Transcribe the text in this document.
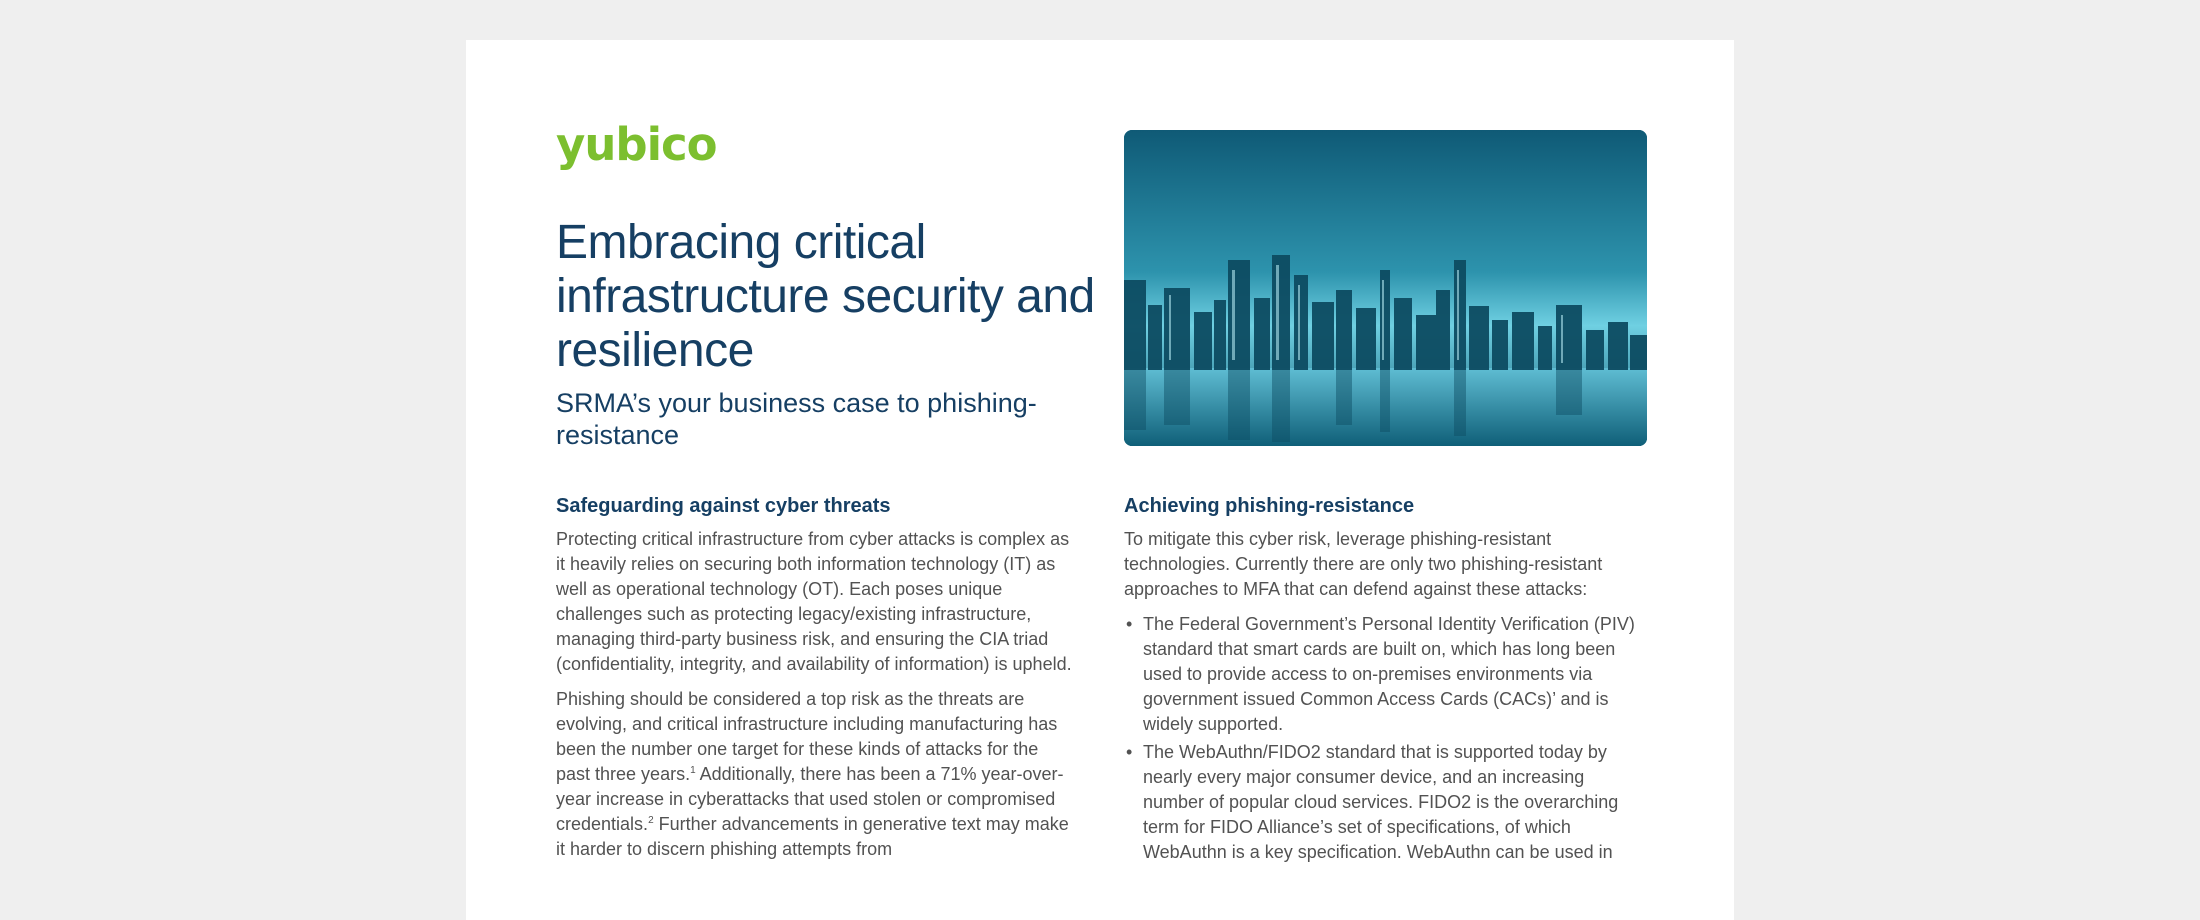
yubico
Embracing critical infrastructure security and resilience
SRMA’s your business case to phishing-resistance
Safeguarding against cyber threats

Protecting critical infrastructure from cyber attacks is complex as it heavily relies on securing both information technology (IT) as well as operational technology (OT). Each poses unique challenges such as protecting legacy/existing infrastructure, managing third-party business risk, and ensuring the CIA triad (confidentiality, integrity, and availability of information) is upheld.

Phishing should be considered a top risk as the threats are evolving, and critical infrastructure including manufacturing has been the number one target for these kinds of attacks for the past three years.$^1$ Additionally, there has been a 71% year-over-year increase in cyberattacks that used stolen or compromised credentials.$^2$ Further advancements in generative text may make it harder to discern phishing attempts from

Achieving phishing-resistance

To mitigate this cyber risk, leverage phishing-resistant technologies. Currently there are only two phishing-resistant approaches to MFA that can defend against these attacks:

• The Federal Government’s Personal Identity Verification (PIV) standard that smart cards are built on, which has long been used to provide access to on-premises environments via government issued Common Access Cards (CACs)’ and is widely supported.
• The WebAuthn/FIDO2 standard that is supported today by nearly every major consumer device, and an increasing number of popular cloud services. FIDO2 is the overarching term for FIDO Alliance’s set of specifications, of which WebAuthn is a key specification. WebAuthn can be used in
